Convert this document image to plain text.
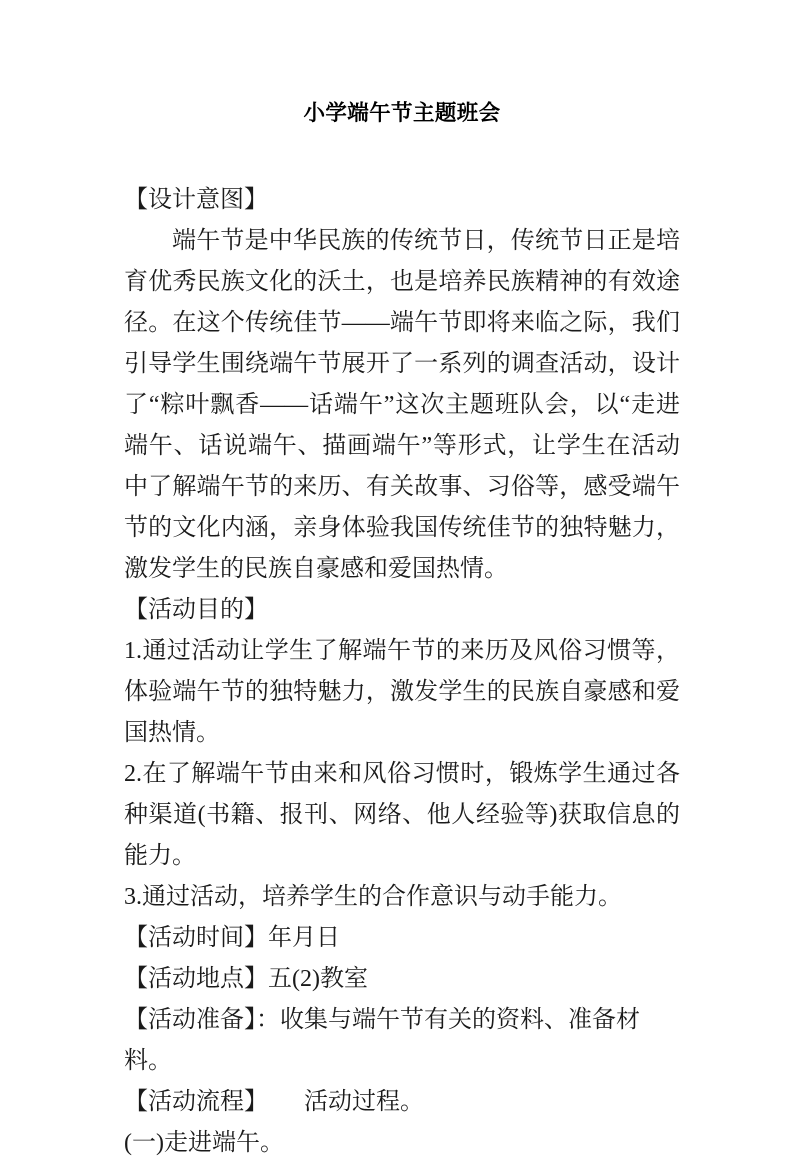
小学端午节主题班会

【设计意图】

端午节是中华民族的传统节日，传统节日正是培育优秀民族文化的沃土，也是培养民族精神的有效途径。在这个传统佳节——端午节即将来临之际，我们引导学生围绕端午节展开了一系列的调查活动，设计了“粽叶飘香——话端午”这次主题班队会，以“走进端午、话说端午、描画端午”等形式，让学生在活动中了解端午节的来历、有关故事、习俗等，感受端午节的文化内涵，亲身体验我国传统佳节的独特魅力，激发学生的民族自豪感和爱国热情。

【活动目的】

1.通过活动让学生了解端午节的来历及风俗习惯等，体验端午节的独特魅力，激发学生的民族自豪感和爱国热情。

2.在了解端午节由来和风俗习惯时，锻炼学生通过各种渠道(书籍、报刊、网络、他人经验等)获取信息的能力。

3.通过活动，培养学生的合作意识与动手能力。

【活动时间】年月日

【活动地点】五(2)教室

【活动准备】：收集与端午节有关的资料、准备材料。

【活动流程】　　活动过程。

(一)走进端午。
